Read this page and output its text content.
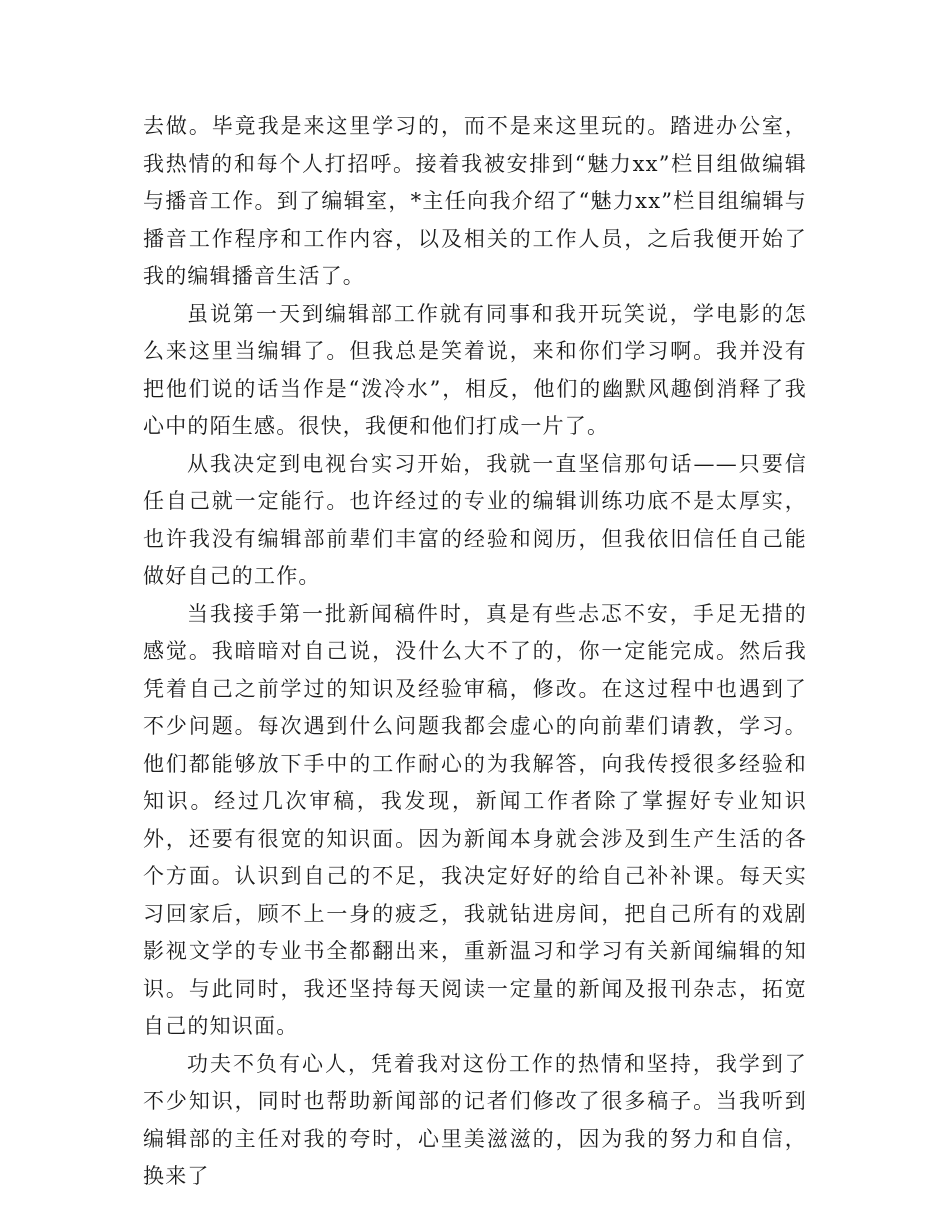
去做。毕竟我是来这里学习的，而不是来这里玩的。踏进办公室，我热情的和每个人打招呼。接着我被安排到“魅力xx”栏目组做编辑与播音工作。到了编辑室，*主任向我介绍了“魅力xx”栏目组编辑与播音工作程序和工作内容，以及相关的工作人员，之后我便开始了我的编辑播音生活了。

虽说第一天到编辑部工作就有同事和我开玩笑说，学电影的怎么来这里当编辑了。但我总是笑着说，来和你们学习啊。我并没有把他们说的话当作是“泼冷水”，相反，他们的幽默风趣倒消释了我心中的陌生感。很快，我便和他们打成一片了。

从我决定到电视台实习开始，我就一直坚信那句话——只要信任自己就一定能行。也许经过的专业的编辑训练功底不是太厚实，也许我没有编辑部前辈们丰富的经验和阅历，但我依旧信任自己能做好自己的工作。

当我接手第一批新闻稿件时，真是有些忐忑不安，手足无措的感觉。我暗暗对自己说，没什么大不了的，你一定能完成。然后我凭着自己之前学过的知识及经验审稿，修改。在这过程中也遇到了不少问题。每次遇到什么问题我都会虚心的向前辈们请教，学习。他们都能够放下手中的工作耐心的为我解答，向我传授很多经验和知识。经过几次审稿，我发现，新闻工作者除了掌握好专业知识外，还要有很宽的知识面。因为新闻本身就会涉及到生产生活的各个方面。认识到自己的不足，我决定好好的给自己补补课。每天实习回家后，顾不上一身的疲乏，我就钻进房间，把自己所有的戏剧影视文学的专业书全都翻出来，重新温习和学习有关新闻编辑的知识。与此同时，我还坚持每天阅读一定量的新闻及报刊杂志，拓宽自己的知识面。

功夫不负有心人，凭着我对这份工作的热情和坚持，我学到了不少知识，同时也帮助新闻部的记者们修改了很多稿子。当我听到编辑部的主任对我的夸时，心里美滋滋的，因为我的努力和自信，换来了
